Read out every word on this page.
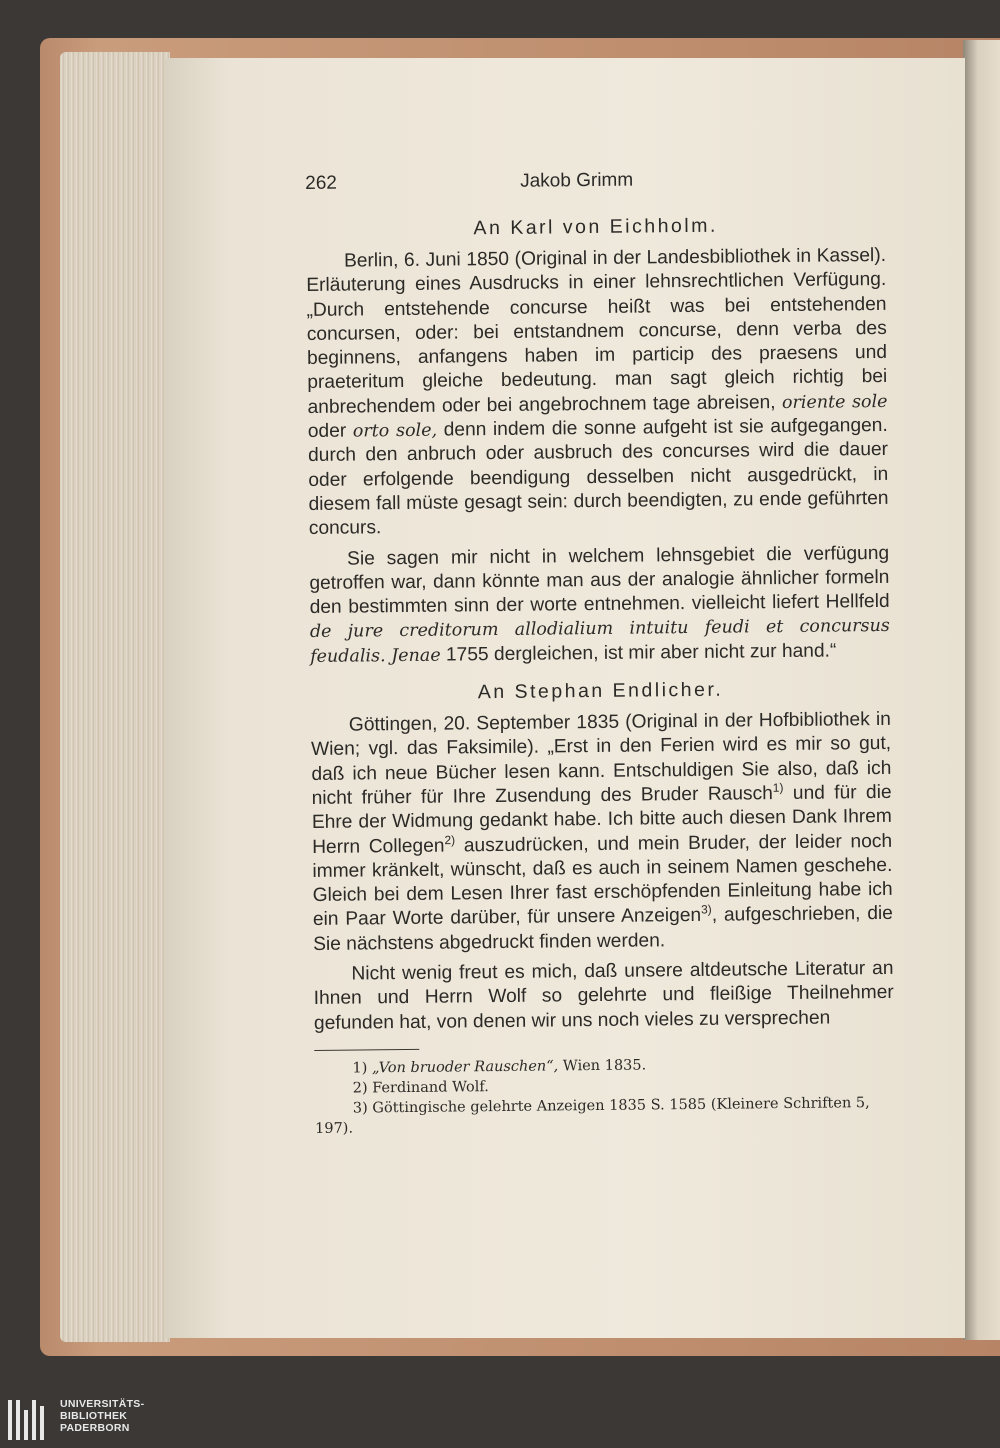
262	Jakob Grimm
An Karl von Eichholm.

Berlin, 6. Juni 1850 (Original in der Landesbibliothek in Kassel). Erläuterung eines Ausdrucks in einer lehnsrechtlichen Verfügung. „Durch entstehende concurse heißt was bei entstehenden concursen, oder: bei entstandnem concurse, denn verba des beginnens, anfangens haben im particip des praesens und praeteritum gleiche bedeutung. man sagt gleich richtig bei anbrechendem oder bei angebrochnem tage abreisen, oriente sole oder orto sole, denn indem die sonne aufgeht ist sie aufgegangen. durch den anbruch oder ausbruch des concurses wird die dauer oder erfolgende beendigung desselben nicht ausgedrückt, in diesem fall müste gesagt sein: durch beendigten, zu ende geführten concurs.

Sie sagen mir nicht in welchem lehnsgebiet die verfügung getroffen war, dann könnte man aus der analogie ähnlicher formeln den bestimmten sinn der worte entnehmen. vielleicht liefert Hellfeld de jure creditorum allodialium intuitu feudi et concursus feudalis. Jenae 1755 dergleichen, ist mir aber nicht zur hand.“

An Stephan Endlicher.

Göttingen, 20. September 1835 (Original in der Hofbibliothek in Wien; vgl. das Faksimile). „Erst in den Ferien wird es mir so gut, daß ich neue Bücher lesen kann. Entschuldigen Sie also, daß ich nicht früher für Ihre Zusendung des Bruder Rausch$^{1)}$ und für die Ehre der Widmung gedankt habe. Ich bitte auch diesen Dank Ihrem Herrn Collegen$^{2)}$ auszudrücken, und mein Bruder, der leider noch immer kränkelt, wünscht, daß es auch in seinem Namen geschehe. Gleich bei dem Lesen Ihrer fast erschöpfenden Einleitung habe ich ein Paar Worte darüber, für unsere Anzeigen$^{3)}$, aufgeschrieben, die Sie nächstens abgedruckt finden werden.

Nicht wenig freut es mich, daß unsere altdeutsche Literatur an Ihnen und Herrn Wolf so gelehrte und fleißige Theilnehmer gefunden hat, von denen wir uns noch vieles zu versprechen

1) „Von bruoder Rauschen“, Wien 1835.

2) Ferdinand Wolf.

3) Göttingische gelehrte Anzeigen 1835 S. 1585 (Kleinere Schriften 5, 197).

UNIVERSITÄTS-
BIBLIOTHEK
PADERBORN
